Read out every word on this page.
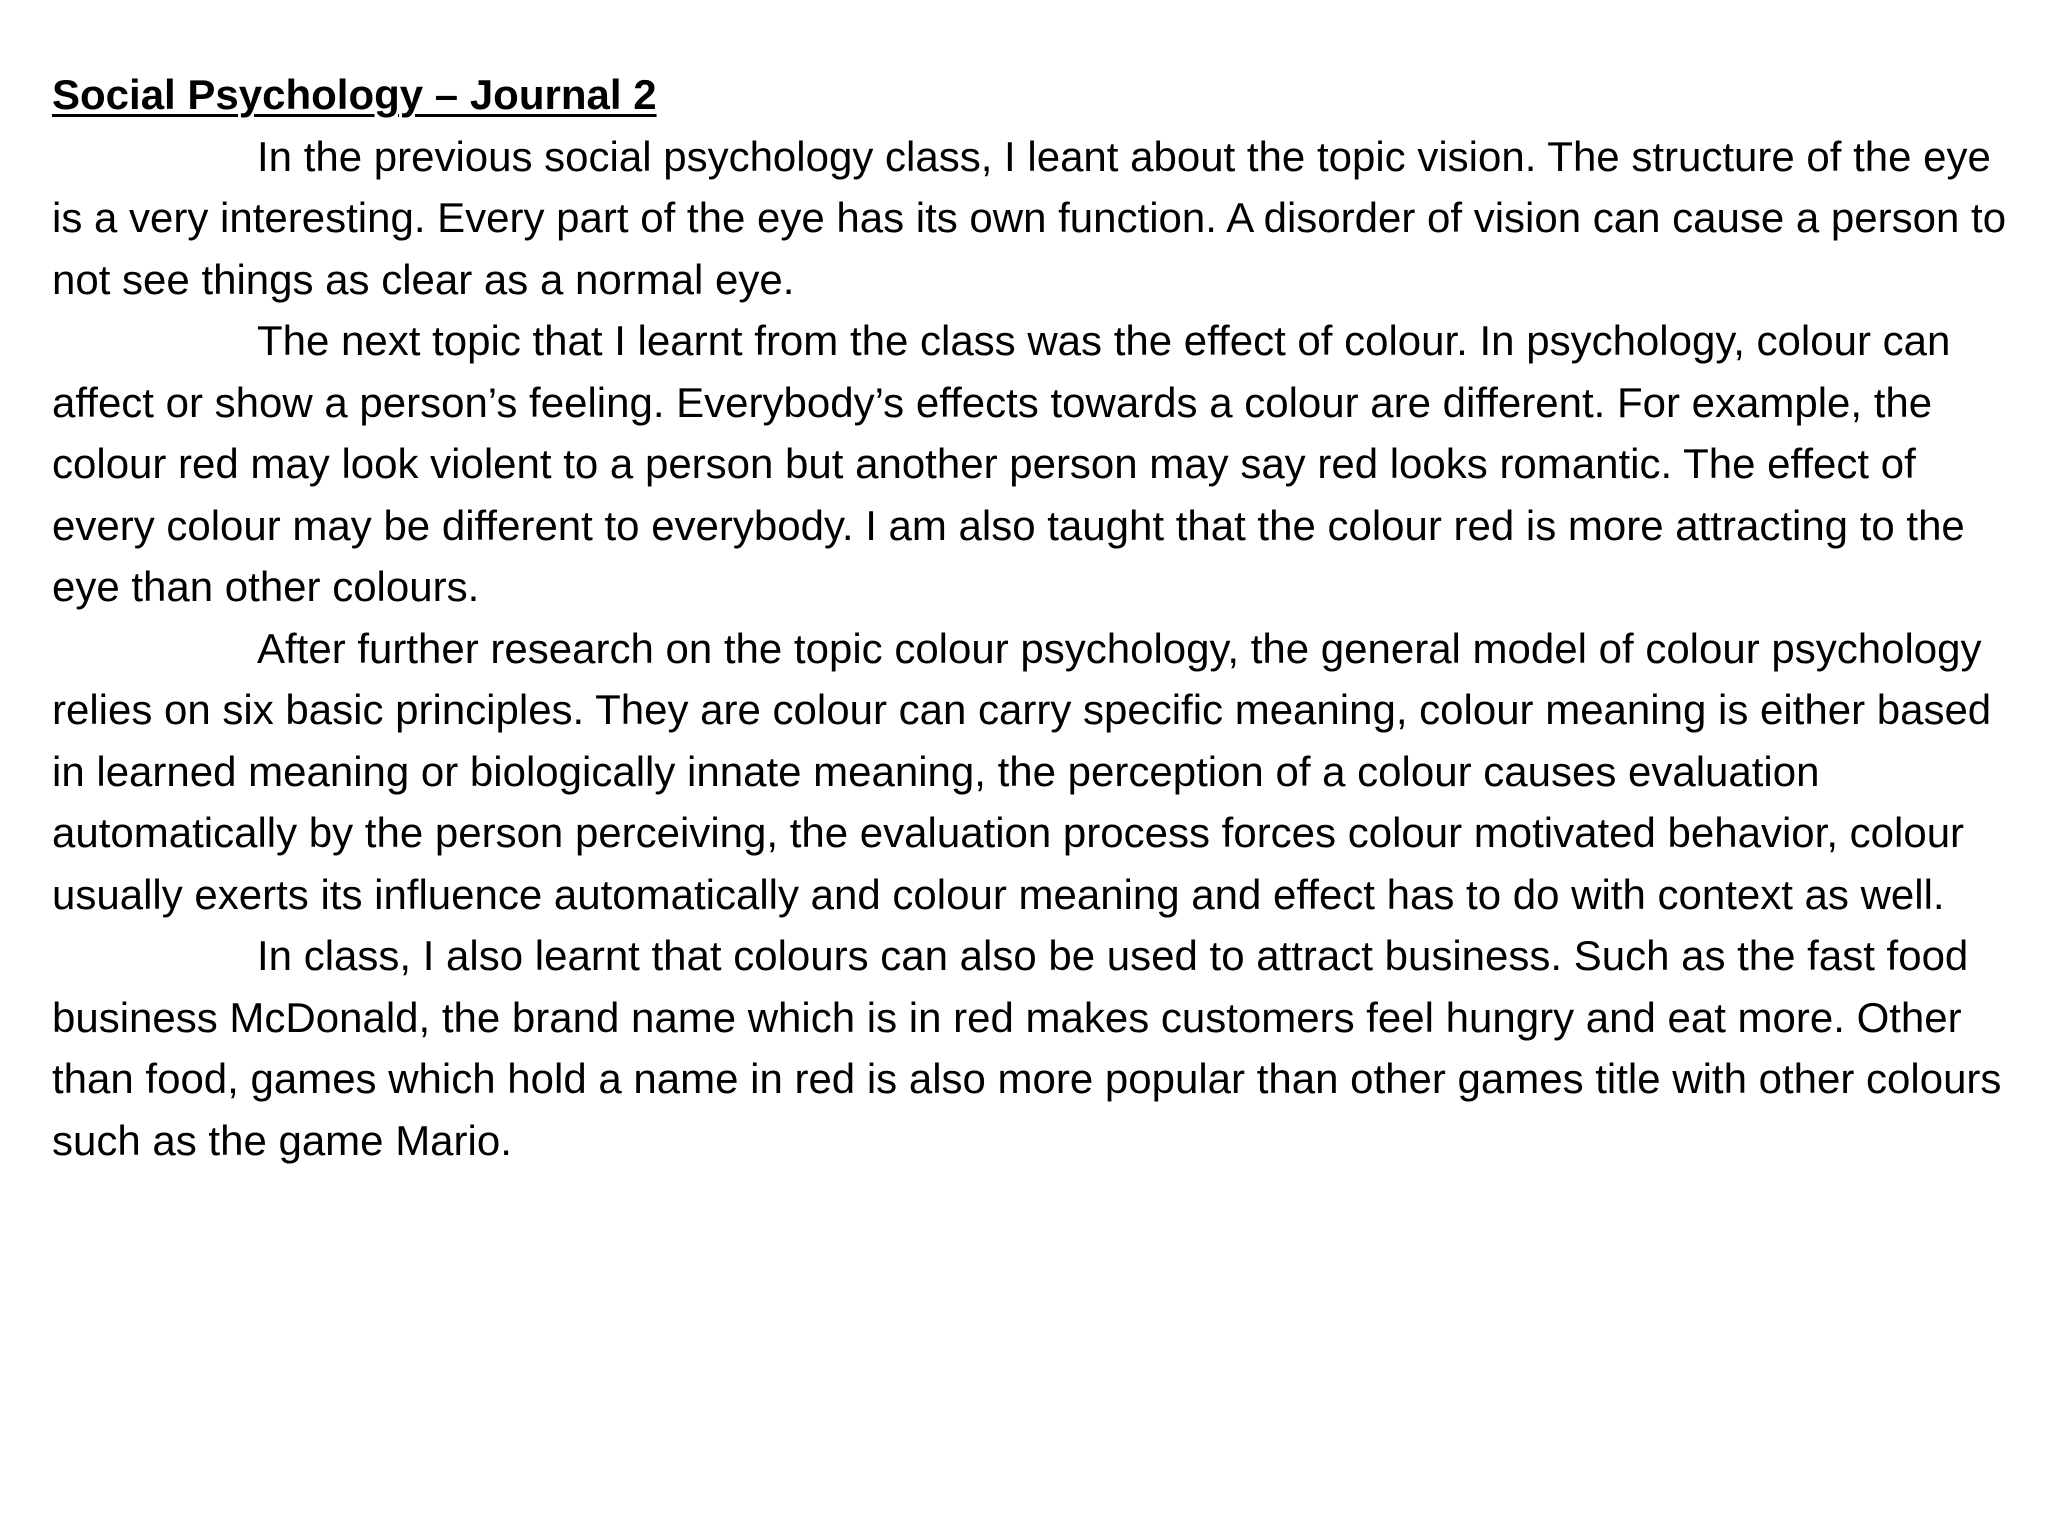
Social Psychology – Journal 2

In the previous social psychology class, I leant about the topic vision. The structure of the eye is a very interesting. Every part of the eye has its own function. A disorder of vision can cause a person to not see things as clear as a normal eye.

The next topic that I learnt from the class was the effect of colour. In psychology, colour can affect or show a person’s feeling. Everybody’s effects towards a colour are different. For example, the colour red may look violent to a person but another person may say red looks romantic. The effect of every colour may be different to everybody. I am also taught that the colour red is more attracting to the eye than other colours.

After further research on the topic colour psychology, the general model of colour psychology relies on six basic principles. They are colour can carry specific meaning, colour meaning is either based in learned meaning or biologically innate meaning, the perception of a colour causes evaluation automatically by the person perceiving, the evaluation process forces colour motivated behavior, colour usually exerts its influence automatically and colour meaning and effect has to do with context as well.

In class, I also learnt that colours can also be used to attract business. Such as the fast food business McDonald, the brand name which is in red makes customers feel hungry and eat more. Other than food, games which hold a name in red is also more popular than other games title with other colours such as the game Mario.
